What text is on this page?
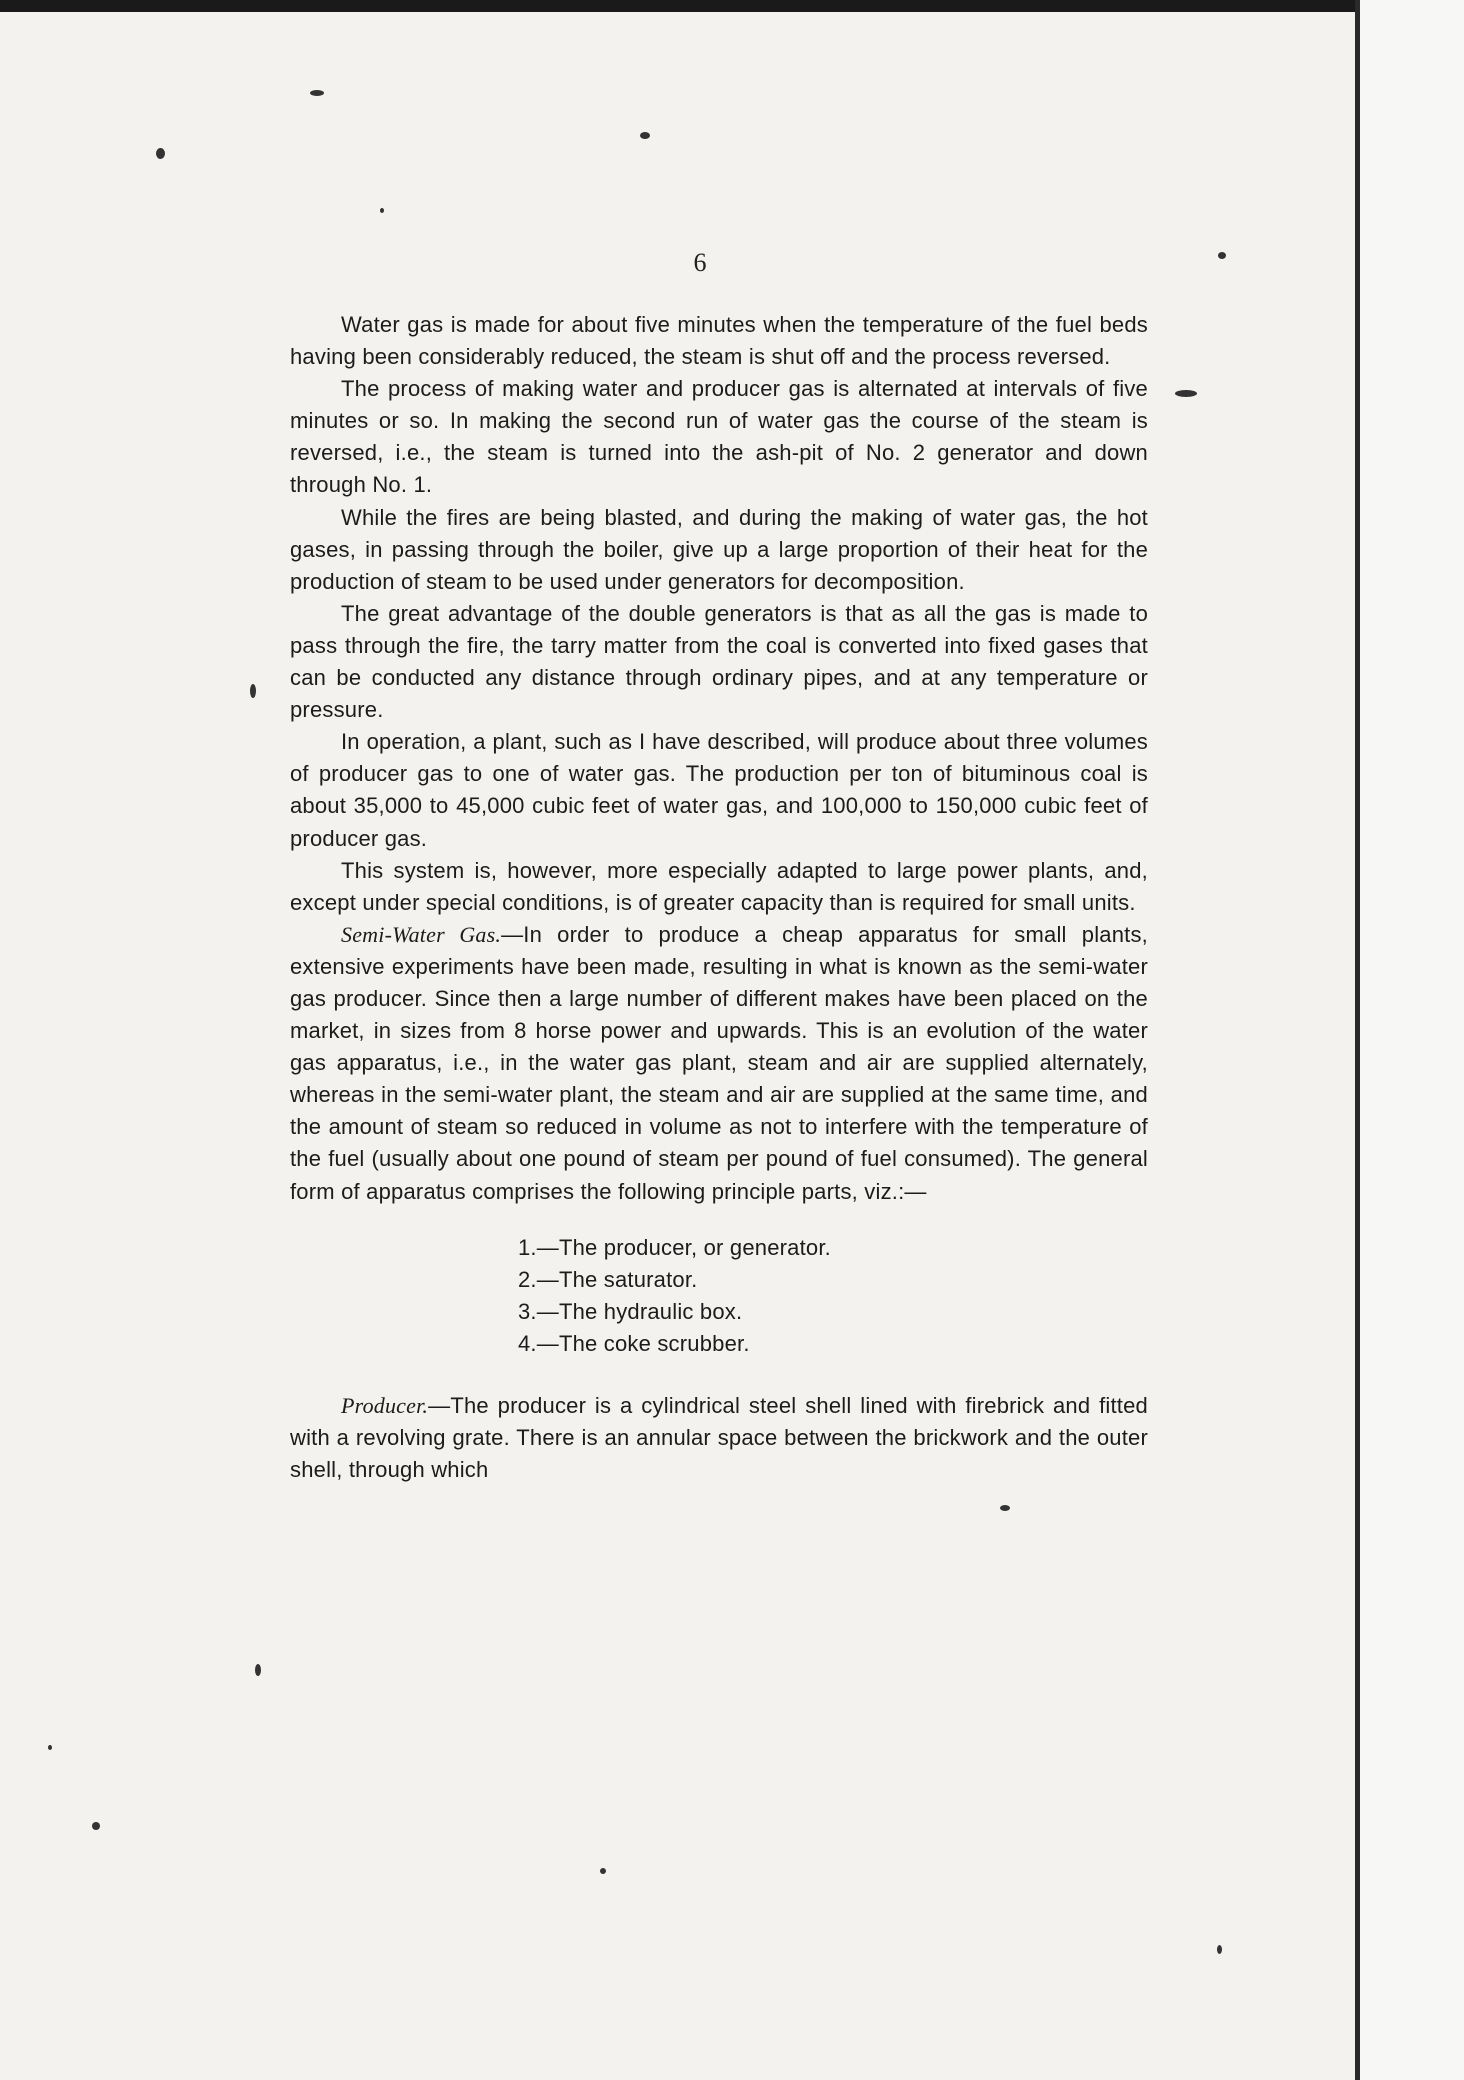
6

Water gas is made for about five minutes when the temperature of the fuel beds having been considerably reduced, the steam is shut off and the process reversed.

The process of making water and producer gas is alternated at intervals of five minutes or so. In making the second run of water gas the course of the steam is reversed, i.e., the steam is turned into the ash-pit of No. 2 generator and down through No. 1.

While the fires are being blasted, and during the making of water gas, the hot gases, in passing through the boiler, give up a large proportion of their heat for the production of steam to be used under generators for decomposition.

The great advantage of the double generators is that as all the gas is made to pass through the fire, the tarry matter from the coal is converted into fixed gases that can be conducted any distance through ordinary pipes, and at any temperature or pressure.

In operation, a plant, such as I have described, will produce about three volumes of producer gas to one of water gas. The production per ton of bituminous coal is about 35,000 to 45,000 cubic feet of water gas, and 100,000 to 150,000 cubic feet of producer gas.

This system is, however, more especially adapted to large power plants, and, except under special conditions, is of greater capacity than is required for small units.

Semi-Water Gas.—In order to produce a cheap apparatus for small plants, extensive experiments have been made, resulting in what is known as the semi-water gas producer. Since then a large number of different makes have been placed on the market, in sizes from 8 horse power and upwards. This is an evolution of the water gas apparatus, i.e., in the water gas plant, steam and air are supplied alternately, whereas in the semi-water plant, the steam and air are supplied at the same time, and the amount of steam so reduced in volume as not to interfere with the temperature of the fuel (usually about one pound of steam per pound of fuel consumed). The general form of apparatus comprises the following principle parts, viz.:—

1.—The producer, or generator.
2.—The saturator.
3.—The hydraulic box.
4.—The coke scrubber.

Producer.—The producer is a cylindrical steel shell lined with firebrick and fitted with a revolving grate. There is an annular space between the brickwork and the outer shell, through which
